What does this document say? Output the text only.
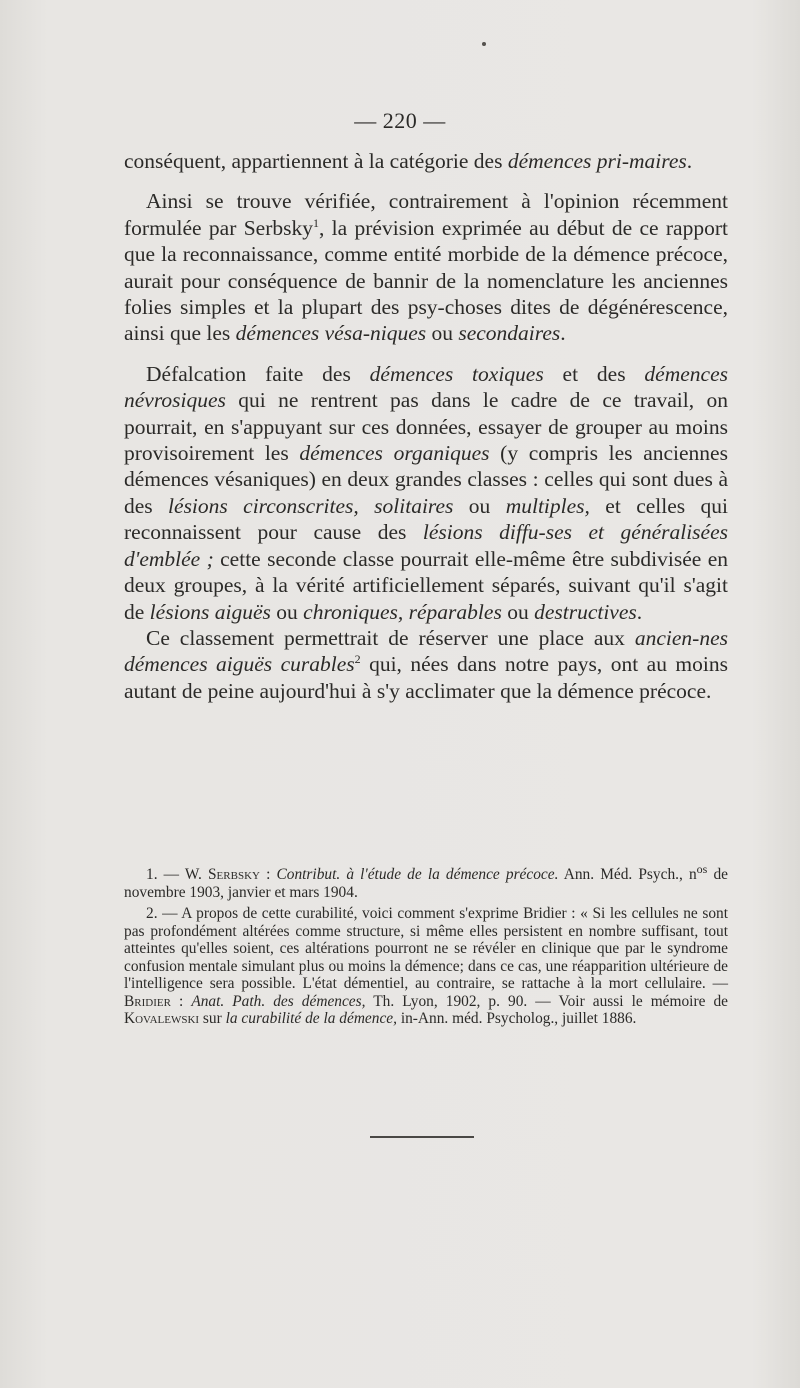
— 220 —

conséquent, appartiennent à la catégorie des démences pri-maires.

Ainsi se trouve vérifiée, contrairement à l'opinion récemment formulée par Serbsky$^1$, la prévision exprimée au début de ce rapport que la reconnaissance, comme entité morbide de la démence précoce, aurait pour conséquence de bannir de la nomenclature les anciennes folies simples et la plupart des psy-choses dites de dégénérescence, ainsi que les démences vésa-niques ou secondaires.

Défalcation faite des démences toxiques et des démences névrosiques qui ne rentrent pas dans le cadre de ce travail, on pourrait, en s'appuyant sur ces données, essayer de grouper au moins provisoirement les démences organiques (y compris les anciennes démences vésaniques) en deux grandes classes : celles qui sont dues à des lésions circonscrites, solitaires ou multiples, et celles qui reconnaissent pour cause des lésions diffu-ses et généralisées d'emblée ; cette seconde classe pourrait elle-même être subdivisée en deux groupes, à la vérité artificiellement séparés, suivant qu'il s'agit de lésions aiguës ou chroniques, réparables ou destructives.

Ce classement permettrait de réserver une place aux ancien-nes démences aiguës curables$^2$ qui, nées dans notre pays, ont au moins autant de peine aujourd'hui à s'y acclimater que la démence précoce.

1. — W. Serbsky : Contribut. à l'étude de la démence précoce. Ann. Méd. Psych., $n^{os}$ de novembre 1903, janvier et mars 1904.

2. — A propos de cette curabilité, voici comment s'exprime Bridier : « Si les cellules ne sont pas profondément altérées comme structure, si même elles persistent en nombre suffisant, tout atteintes qu'elles soient, ces altérations pourront ne se révéler en clinique que par le syndrome confusion mentale simulant plus ou moins la démence; dans ce cas, une réapparition ultérieure de l'intelligence sera possible. L'état démentiel, au contraire, se rattache à la mort cellulaire. — Bridier : Anat. Path. des démences, Th. Lyon, 1902, p. 90. — Voir aussi le mémoire de Kovalewski sur la curabilité de la démence, in-Ann. méd. Psycholog., juillet 1886.
